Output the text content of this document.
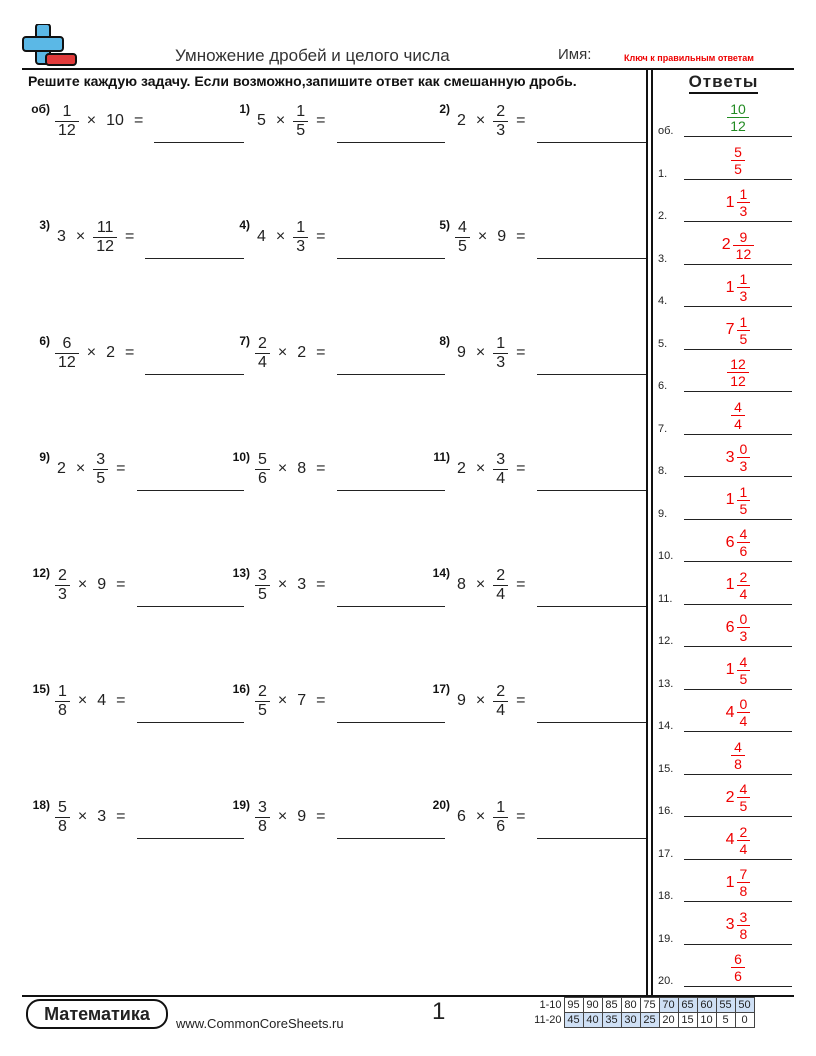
Умножение дробей и целого числа	Имя:	Ключ к правильным ответам
Решите каждую задачу. Если возможно,запишите ответ как смешанную дробь.	Ответы
$об) \frac{1}{12} \times 10$ =
1)
$5 \times \frac{1}{5}$ =
2)
$2 \times \frac{2}{3}$ =
3)
$3 \times \frac{11}{12}$ =
4)
$4 \times \frac{1}{3}$ =
$5) \frac{4}{5} \times 9$ =
$6) \frac{6}{12} \times 2$ =
$7) \frac{2}{4} \times 2$ =
8)
$9 \times \frac{1}{3}$ =
9)
$2 \times \frac{3}{5}$ =
$10) \frac{5}{6} \times 8$ =
11)
$2 \times \frac{3}{4}$ =
$12) \frac{2}{3} \times 9$ =
$13) \frac{3}{5} \times 3$ =
14)
$8 \times \frac{2}{4}$ =
$15) \frac{1}{8} \times 4$ =
$16) \frac{2}{5} \times 7$ =
17)
$9 \times \frac{2}{4}$ =
$18) \frac{5}{8} \times 3$ =
$19) \frac{3}{8} \times 9$ =
20)
$6 \times \frac{1}{6}$ =
об.	$\frac{10}{12}$
1.	$\frac{5}{5}$
2.
$1 \frac{1}{3}$
3.
$2 \frac{9}{12}$
4.
$1 \frac{1}{3}$
5.
$7 \frac{1}{5}$
6.	$\frac{12}{12}$
7.	$\frac{4}{4}$
8.
$3 \frac{0}{3}$
9.
$1 \frac{1}{5}$
10.
$6 \frac{4}{6}$
11.
$1 \frac{2}{4}$
12.
$6 \frac{0}{3}$
13.
$1 \frac{4}{5}$
14.
$4 \frac{0}{4}$
15.	$\frac{4}{8}$
16.
$2 \frac{4}{5}$
17.
$4 \frac{2}{4}$
18.
$1 \frac{7}{8}$
19.
$3 \frac{3}{8}$
20.	$\frac{6}{6}$
Математика	www.CommonCoreSheets.ru	1	1-10	95	90	85	80	75	70	65	60	55	50
11-20	45	40	35	30	25	20	15	10	5	0
